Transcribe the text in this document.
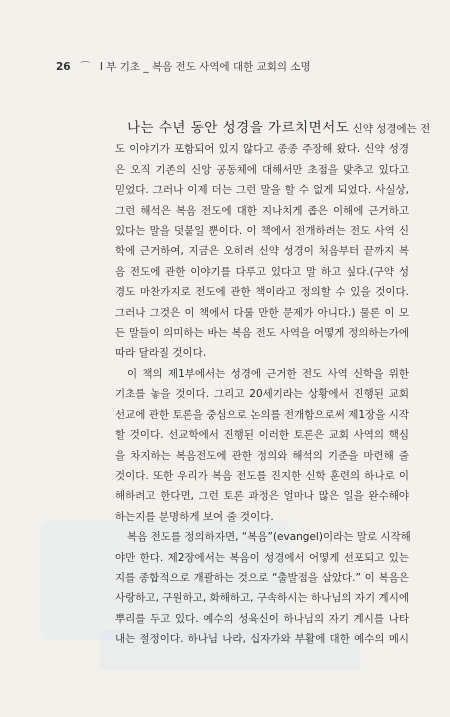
26 ⌒ I 부 기초 _ 복음 전도 사역에 대한 교회의 소명

나는 수년 동안 성경을 가르치면서도 신약 성경에는 전
도 이야기가 포함되어 있지 않다고 종종 주장해 왔다. 신약 성경
은 오직 기존의 신앙 공동체에 대해서만 초점을 맞추고 있다고
믿었다. 그러나 이제 더는 그런 말을 할 수 없게 되었다. 사실상,
그런 해석은 복음 전도에 대한 지나치게 좁은 이해에 근거하고
있다는 말을 덧붙일 뿐이다. 이 책에서 전개하려는 전도 사역 신
학에 근거하여, 지금은 오히려 신약 성경이 처음부터 끝까지 복
음 전도에 관한 이야기를 다루고 있다고 말 하고 싶다.(구약 성
경도 마찬가지로 전도에 관한 책이라고 정의할 수 있을 것이다.
그러나 그것은 이 책에서 다룰 만한 문제가 아니다.) 물론 이 모
든 말들이 의미하는 바는 복음 전도 사역을 어떻게 정의하는가에
따라 달라질 것이다.

이 책의 제1부에서는 성경에 근거한 전도 사역 신학을 위한
기초를 놓을 것이다. 그리고 20세기라는 상황에서 진행된 교회
선교에 관한 토론을 중심으로 논의를 전개함으로써 제1장을 시작
할 것이다. 선교학에서 진행된 이러한 토론은 교회 사역의 핵심
을 차지하는 복음전도에 관한 정의와 해석의 기준을 마련해 줄
것이다. 또한 우리가 복음 전도를 진지한 신학 훈련의 하나로 이
해하려고 한다면, 그런 토론 과정은 얼마나 많은 일을 완수해야
하는지를 분명하게 보여 줄 것이다.

복음 전도를 정의하자면, “복음”(evangel)이라는 말로 시작해
야만 한다. 제2장에서는 복음이 성경에서 어떻게 선포되고 있는
지를 종합적으로 개괄하는 것으로 “출발점을 삼았다.” 이 복음은
사랑하고, 구원하고, 화해하고, 구속하시는 하나님의 자기 계시에
뿌리를 두고 있다. 예수의 성육신이 하나님의 자기 계시를 나타
내는 절정이다. 하나님 나라, 십자가와 부활에 대한 예수의 메시
